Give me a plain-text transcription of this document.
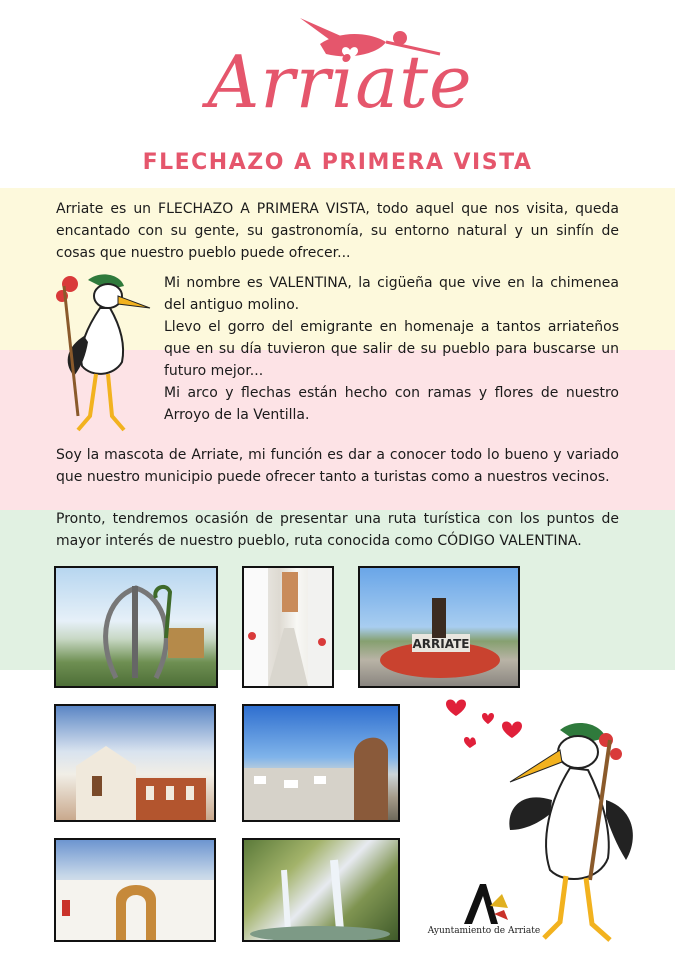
Arriate
FLECHAZO A PRIMERA VISTA

Arriate es un FLECHAZO A PRIMERA VISTA, todo aquel que nos visita, queda encantado con su gente, su gastronomía, su entorno natural y un sinfín de cosas que nuestro pueblo puede ofrecer...

Mi nombre es VALENTINA, la cigüeña que vive en la chimenea del antiguo molino.
Llevo el gorro del emigrante en homenaje a tantos arriateños que en su día tuvieron que salir de su pueblo para buscarse un futuro mejor...
Mi arco y flechas están hecho con ramas y flores de nuestro Arroyo de la Ventilla.

Soy la mascota de Arriate, mi función es dar a conocer todo lo bueno y variado que nuestro municipio puede ofrecer tanto a turistas como a nuestros vecinos.

Pronto, tendremos ocasión de presentar una ruta turística con los puntos de mayor interés de nuestro pueblo, ruta conocida como CÓDIGO VALENTINA.

ARRIATE
Ayuntamiento de Arriate
